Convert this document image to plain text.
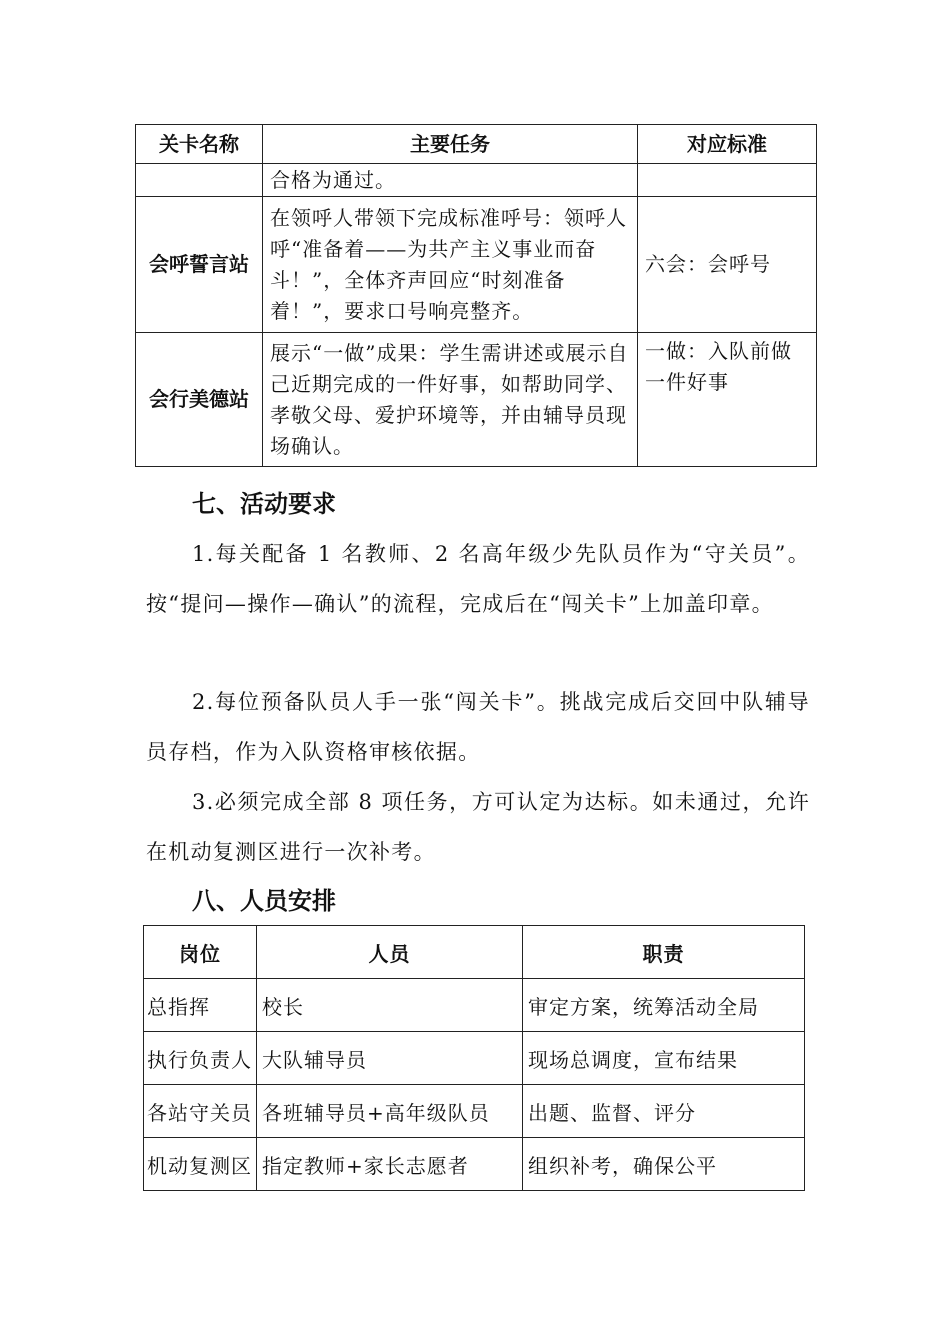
关卡名称	主要任务	对应标准
	合格为通过。	
会呼誓言站	在领呼人带领下完成标准呼号：领呼人呼“准备着——为共产主义事业而奋斗！”，全体齐声回应“时刻准备着！”，要求口号响亮整齐。	六会：会呼号
会行美德站	展示“一做”成果：学生需讲述或展示自己近期完成的一件好事，如帮助同学、孝敬父母、爱护环境等，并由辅导员现场确认。	一做：入队前做一件好事
七、活动要求

1.每关配备 1 名教师、2 名高年级少先队员作为“守关员”。按“提问—操作—确认”的流程，完成后在“闯关卡”上加盖印章。

2.每位预备队员人手一张“闯关卡”。挑战完成后交回中队辅导员存档，作为入队资格审核依据。

3.必须完成全部 8 项任务，方可认定为达标。如未通过，允许在机动复测区进行一次补考。

八、人员安排
岗位	人员	职责
总指挥	校长	审定方案，统筹活动全局
执行负责人	大队辅导员	现场总调度，宣布结果
各站守关员	各班辅导员+高年级队员	出题、监督、评分
机动复测区	指定教师+家长志愿者	组织补考，确保公平
